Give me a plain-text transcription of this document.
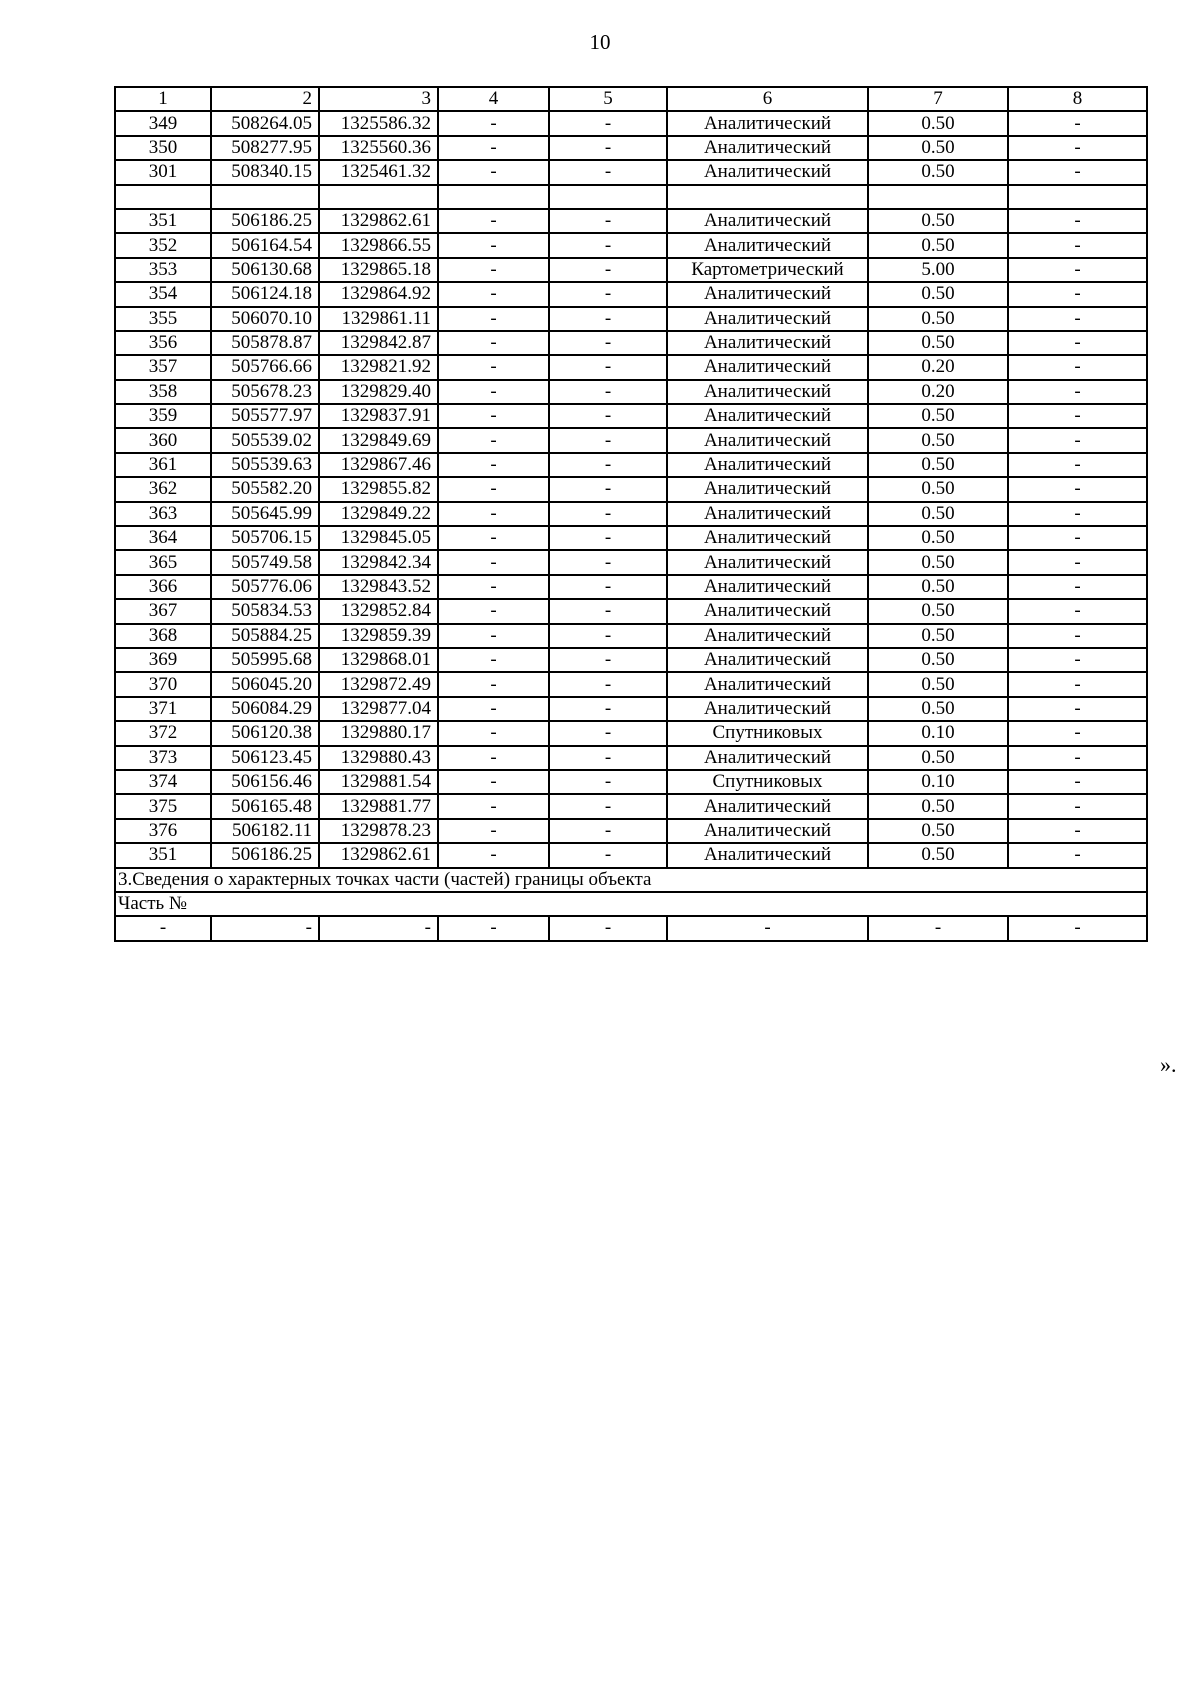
10
1	2	3	4	5	6	7	8
349	508264.05	1325586.32	-	-	Аналитический	0.50	-
350	508277.95	1325560.36	-	-	Аналитический	0.50	-
301	508340.15	1325461.32	-	-	Аналитический	0.50	-

351	506186.25	1329862.61	-	-	Аналитический	0.50	-
352	506164.54	1329866.55	-	-	Аналитический	0.50	-
353	506130.68	1329865.18	-	-	Картометрический	5.00	-
354	506124.18	1329864.92	-	-	Аналитический	0.50	-
355	506070.10	1329861.11	-	-	Аналитический	0.50	-
356	505878.87	1329842.87	-	-	Аналитический	0.50	-
357	505766.66	1329821.92	-	-	Аналитический	0.20	-
358	505678.23	1329829.40	-	-	Аналитический	0.20	-
359	505577.97	1329837.91	-	-	Аналитический	0.50	-
360	505539.02	1329849.69	-	-	Аналитический	0.50	-
361	505539.63	1329867.46	-	-	Аналитический	0.50	-
362	505582.20	1329855.82	-	-	Аналитический	0.50	-
363	505645.99	1329849.22	-	-	Аналитический	0.50	-
364	505706.15	1329845.05	-	-	Аналитический	0.50	-
365	505749.58	1329842.34	-	-	Аналитический	0.50	-
366	505776.06	1329843.52	-	-	Аналитический	0.50	-
367	505834.53	1329852.84	-	-	Аналитический	0.50	-
368	505884.25	1329859.39	-	-	Аналитический	0.50	-
369	505995.68	1329868.01	-	-	Аналитический	0.50	-
370	506045.20	1329872.49	-	-	Аналитический	0.50	-
371	506084.29	1329877.04	-	-	Аналитический	0.50	-
372	506120.38	1329880.17	-	-	Спутниковых	0.10	-
373	506123.45	1329880.43	-	-	Аналитический	0.50	-
374	506156.46	1329881.54	-	-	Спутниковых	0.10	-
375	506165.48	1329881.77	-	-	Аналитический	0.50	-
376	506182.11	1329878.23	-	-	Аналитический	0.50	-
351	506186.25	1329862.61	-	-	Аналитический	0.50	-
3.Сведения о характерных точках части (частей) границы объекта							
Часть №							
-	-	-	-	-	-	-	-
».
